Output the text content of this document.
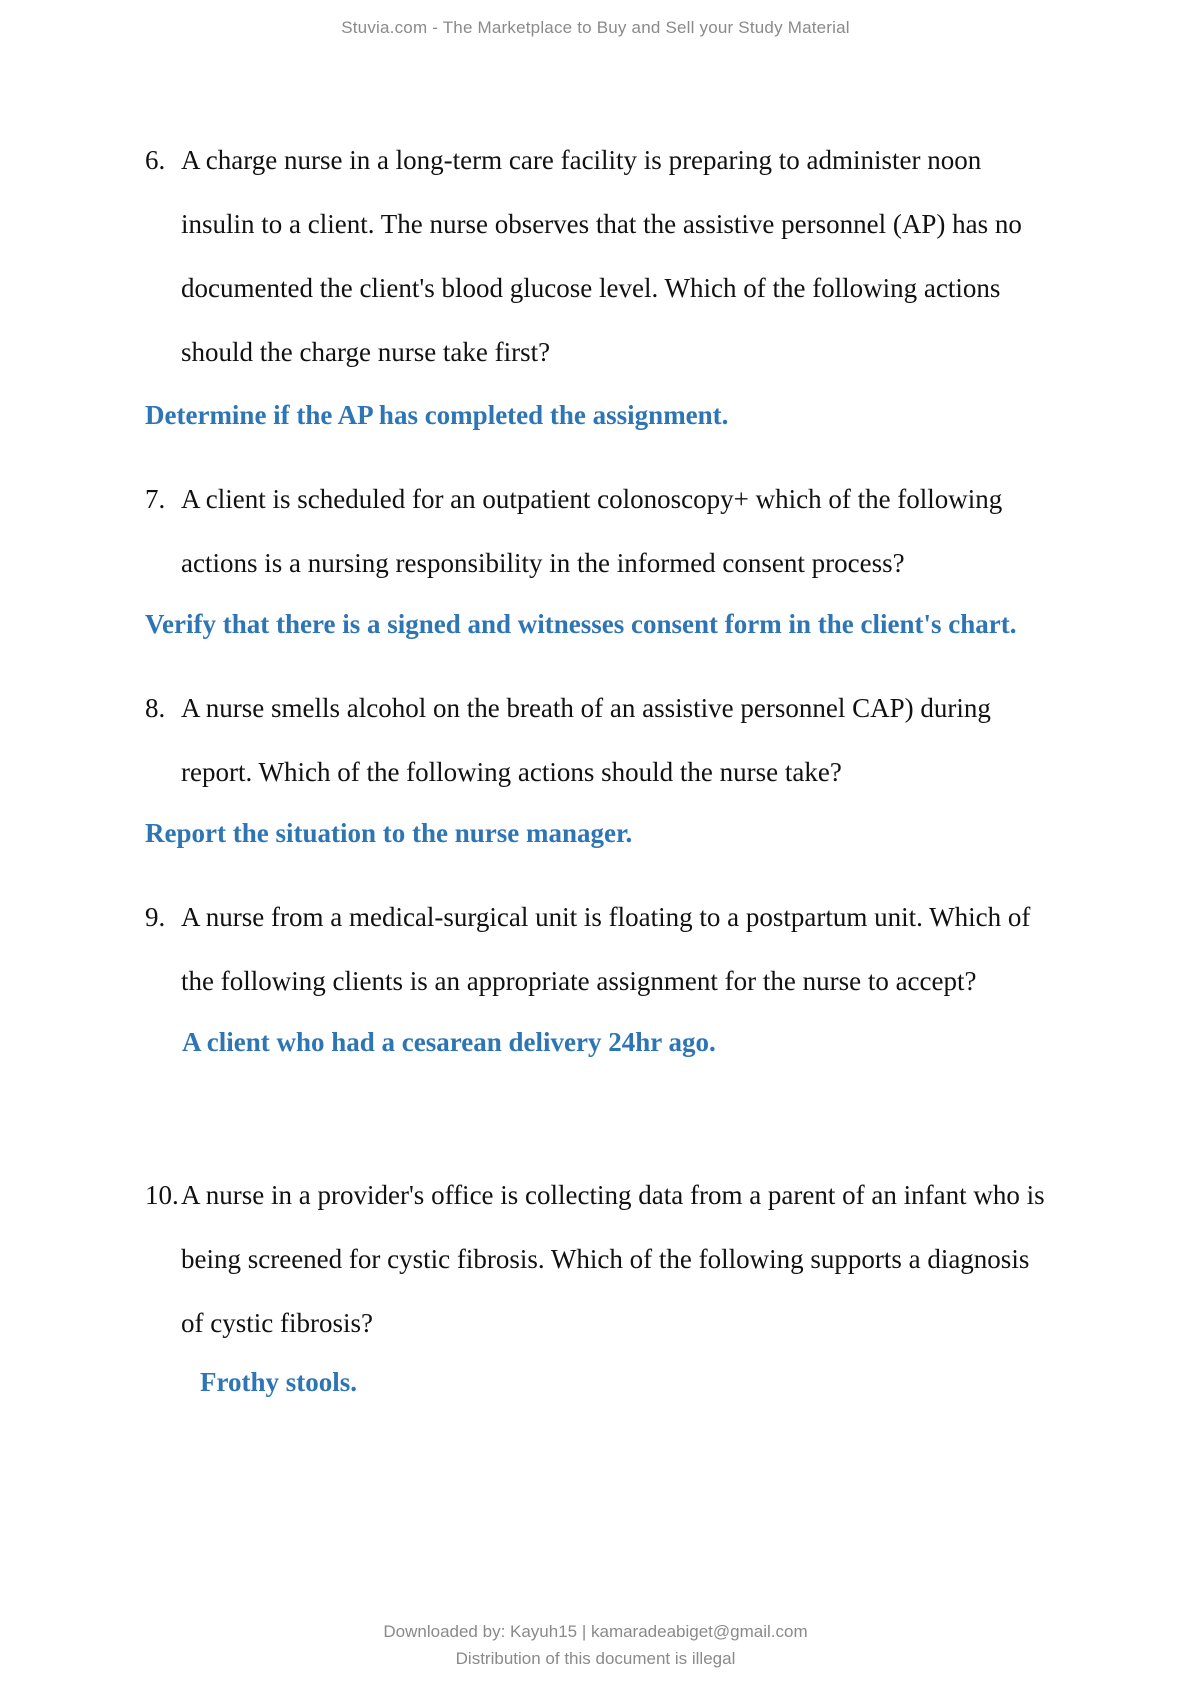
Stuvia.com - The Marketplace to Buy and Sell your Study Material
6. A charge nurse in a long-term care facility is preparing to administer noon
insulin to a client. The nurse observes that the assistive personnel (AP) has no
documented the client's blood glucose level. Which of the following actions
should the charge nurse take first?
Determine if the AP has completed the assignment.
7. A client is scheduled for an outpatient colonoscopy+ which of the following
actions is a nursing responsibility in the informed consent process?
Verify that there is a signed and witnesses consent form in the client's chart.
8. A nurse smells alcohol on the breath of an assistive personnel CAP) during
report. Which of the following actions should the nurse take?
Report the situation to the nurse manager.
9. A nurse from a medical-surgical unit is floating to a postpartum unit. Which of
the following clients is an appropriate assignment for the nurse to accept?
A client who had a cesarean delivery 24hr ago.
10. A nurse in a provider's office is collecting data from a parent of an infant who is
being screened for cystic fibrosis. Which of the following supports a diagnosis
of cystic fibrosis?
Frothy stools.
Downloaded by: Kayuh15 | kamaradeabiget@gmail.com
Distribution of this document is illegal
